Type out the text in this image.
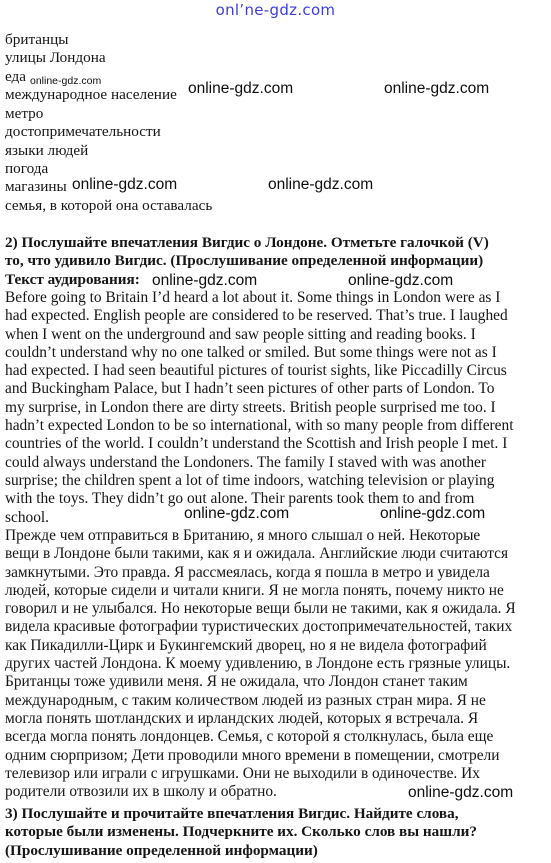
onl’ne-gdz.com
британцы
улицы Лондона
еда
международное население
метро
достопримечательности
языки людей
погода
магазины
семья, в которой она оставалась
2) Послушайте впечатления Вигдис о Лондоне. Отметьте галочкой (V)
то, что удивило Вигдис. (Прослушивание определенной информации)
Текст аудирования:
Before going to Britain I’d heard a lot about it. Some things in London were as I
had expected. English people are considered to be reserved. That’s true. I laughed
when I went on the underground and saw people sitting and reading books. I
couldn’t understand why no one talked or smiled. But some things were not as I
had expected. I had seen beautiful pictures of tourist sights, like Piccadilly Circus
and Buckingham Palace, but I hadn’t seen pictures of other parts of London. To
my surprise, in London there are dirty streets. British people surprised me too. I
hadn’t expected London to be so international, with so many people from different
countries of the world. I couldn’t understand the Scottish and Irish people I met. I
could always understand the Londoners. The family I staved with was another
surprise; the children spent a lot of time indoors, watching television or playing
with the toys. They didn’t go out alone. Their parents took them to and from
school.
Прежде чем отправиться в Британию, я много слышал о ней. Некоторые
вещи в Лондоне были такими, как я и ожидала. Английские люди считаются
замкнутыми. Это правда. Я рассмеялась, когда я пошла в метро и увидела
людей, которые сидели и читали книги. Я не могла понять, почему никто не
говорил и не улыбался. Но некоторые вещи были не такими, как я ожидала. Я
видела красивые фотографии туристических достопримечательностей, таких
как Пикадилли-Цирк и Букингемский дворец, но я не видела фотографий
других частей Лондона. К моему удивлению, в Лондоне есть грязные улицы.
Британцы тоже удивили меня. Я не ожидала, что Лондон станет таким
международным, с таким количеством людей из разных стран мира. Я не
могла понять шотландских и ирландских людей, которых я встречала. Я
всегда могла понять лондонцев. Семья, с которой я столкнулась, была еще
одним сюрпризом; Дети проводили много времени в помещении, смотрели
телевизор или играли с игрушками. Они не выходили в одиночестве. Их
родители отвозили их в школу и обратно.
3) Послушайте и прочитайте впечатления Вигдис. Найдите слова,
которые были изменены. Подчеркните их. Сколько слов вы нашли?
(Прослушивание определенной информации)
online-gdz.com	online-gdz.com	online-gdz.com
online-gdz.com	online-gdz.com
online-gdz.com	online-gdz.com
online-gdz.com	online-gdz.com
online-gdz.com
